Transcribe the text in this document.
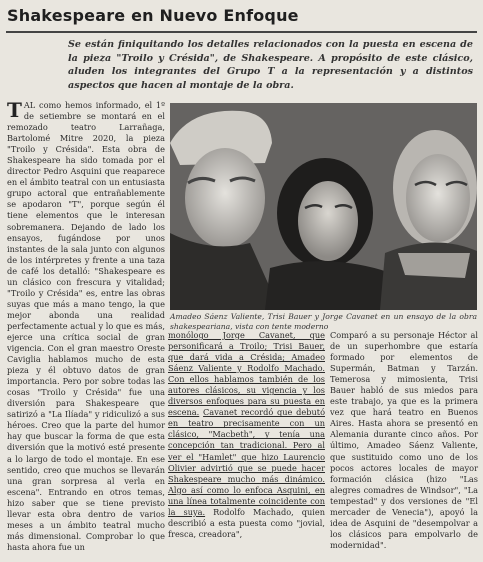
Shakespeare en Nuevo Enfoque
Se están finiquitando los detalles relacionados con la puesta en escena de la pieza "Troilo y Crésida", de Shakespeare. A propósito de este clásico, aluden los integrantes del Grupo T a la representación y a distintos aspectos que hacen al montaje de la obra.
TAL como hemos informado, el 1º de setiembre se montará en el remozado teatro Larrañaga, Bartolomé Mitre 2020, la pieza "Troilo y Crésida". Esta obra de Shakespeare ha sido tomada por el director Pedro Asquini que reaparece en el ámbito teatral con un entusiasta grupo actoral que entrañablemente se apodaron "T", porque según él tiene elementos que le interesan sobremanera. Dejando de lado los ensayos, fugándose por unos instantes de la sala junto con algunos de los intérpretes y frente a una taza de café los detalló: "Shakespeare es un clásico con frescura y vitalidad; "Troilo y Crésida" es, entre las obras suyas que más a mano tengo, la que mejor abonda una realidad perfectamente actual y lo que es más, ejerce una crítica social de gran vigencia. Con el gran maestro Oreste Caviglia hablamos mucho de esta pieza y él obtuvo datos de gran importancia. Pero por sobre todas las cosas "Troilo y Crésida" fue una diversión para Shakespeare que satirizó a "La Ilíada" y ridiculizó a sus héroes. Creo que la parte del humor hay que buscar la forma de que esta diversión que la motivó esté presente a lo largo de todo el montaje. En ese sentido, creo que muchos se llevarán una gran sorpresa al verla en escena". Entrando en otros temas, hizo saber que se tiene previsto llevar esta obra dentro de varios meses a un ámbito teatral mucho más dimensional. Comprobar lo que hasta ahora fue un
Amadeo Sáenz Valiente, Trisi Bauer y Jorge Cavanet en un ensayo de la obra shakespeariana, vista con tente moderno
monólogo Jorge Cavanet, que personificará a Troilo; Trisi Bauer, que dará vida a Crésida; Amadeo Sáenz Valiente y Rodolfo Machado. Con ellos hablamos también de los autores clásicos, su vigencia y los diversos enfoques para su puesta en escena. Cavanet recordó que debutó en teatro precisamente con un clásico, "Macbeth", y tenía una concepción tan tradicional. Pero al ver el "Hamlet" que hizo Laurencio Olivier advirtió que se puede hacer Shakespeare mucho más dinámico. Algo así como lo enfoca Asquini, en una línea totalmente coincidente con la suya. Rodolfo Machado, quien describió a esta puesta como "jovial, fresca, creadora",
Comparó a su personaje Héctor al de un superhombre que estaría formado por elementos de Supermán, Batman y Tarzán. Temerosa y mimosienta, Trisi Bauer habló de sus miedos para este trabajo, ya que es la primera vez que hará teatro en Buenos Aires. Hasta ahora se presentó en Alemania durante cinco años. Por último, Amadeo Sáenz Valiente, que sustituido como uno de los pocos actores locales de mayor formación clásica (hizo "Las alegres comadres de Windsor", "La tempestad" y dos versiones de "El mercader de Venecia"), apoyó la idea de Asquini de "desempolvar a los clásicos para empolvarlo de modernidad".
